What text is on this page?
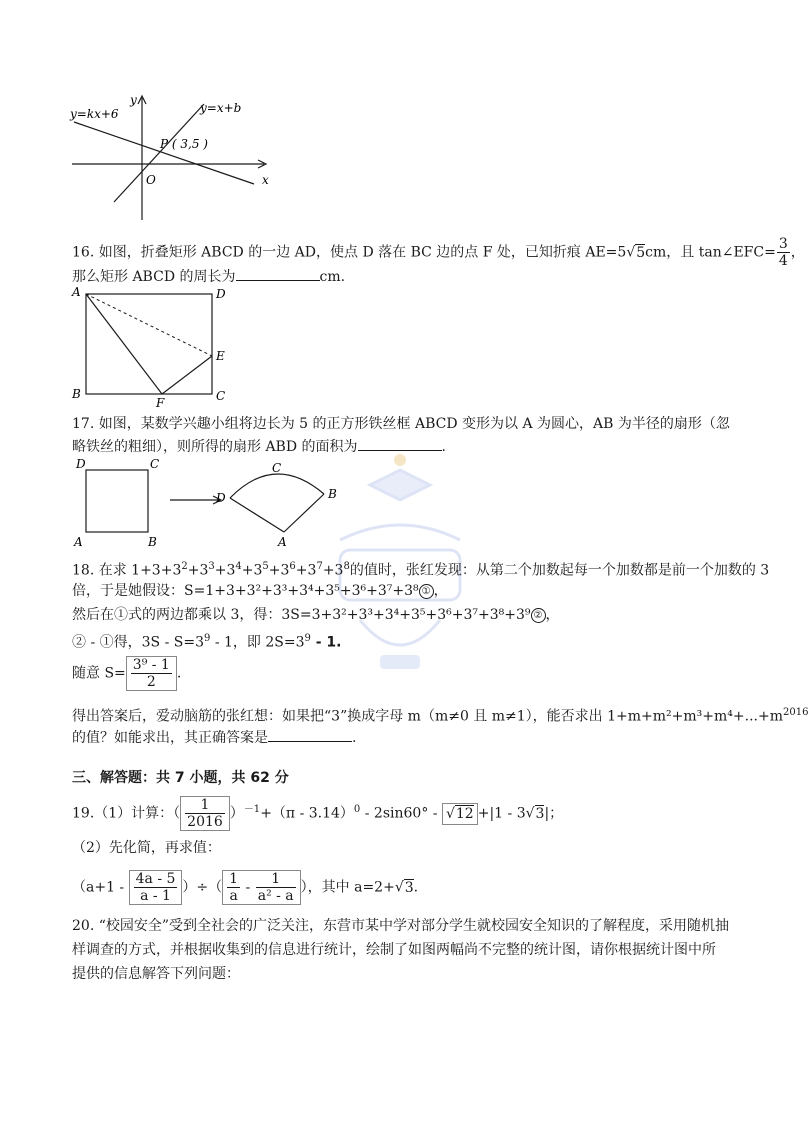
y=kx+6	y=x+b
P ( 3,5 )
O	x
y
16. 如图，折叠矩形 ABCD 的一边 AD，使点 D 落在 BC 边的点 F 处，已知折痕 AE=5√5cm，且 tan∠EFC= $\frac{3}{4}$ ，
那么矩形 ABCD 的周长为	cm.
A	D
E
B	C
F
17. 如图，某数学兴趣小组将边长为 5 的正方形铁丝框 ABCD 变形为以 A 为圆心，AB 为半径的扇形（忽
略铁丝的粗细），则所得的扇形 ABD 的面积为	.
D	C
A	B
D
C
B
A
18. 在求 $1+3+3^2+3^3+3^4+3^5+3^6+3^7+3^8$的值时，张红发现：从第二个加数起每一个加数都是前一个加数的 3
倍，于是她假设：S=1+3+3²+3³+3⁴+3⁵+3⁶+3⁷+3⁸ ① ，
然后在①式的两边都乘以 3，得：3S=3+3²+3³+3⁴+3⁵+3⁶+3⁷+3⁸+3⁹ ② ，
② - ①得，$3S - S=3^9 - 1$，即 $2S=3^9 - 1$.
随意 $S= \frac{\text{3⁹ - 1}}{2}$ .
得出答案后，爱动脑筋的张红想：如果把“3”换成字母 m（m≠0 且 m≠1），能否求出 $1+m+m^2+m^3+m^4+...+m^{2016}$
的值？如能求出，其正确答案是	.
三、解答题：共 7 小题，共 62 分
19.（1）计算：（ $\frac{1}{2016} )^{-1}+(\pi - 3.14)^0 - 2\sin 60^\circ - √12 +|1 - 3√3|$；
（2）先化简，再求值：
（$a+1 - \frac{4a - 5}{a - 1}$ ）÷（ $\frac{1}{a} - \frac{1}{\text{a² - a}}$ ），其中 a=2+√3.
20. “校园安全”受到全社会的广泛关注，东营市某中学对部分学生就校园安全知识的了解程度，采用随机抽
样调查的方式，并根据收集到的信息进行统计，绘制了如图两幅尚不完整的统计图，请你根据统计图中所
提供的信息解答下列问题：
